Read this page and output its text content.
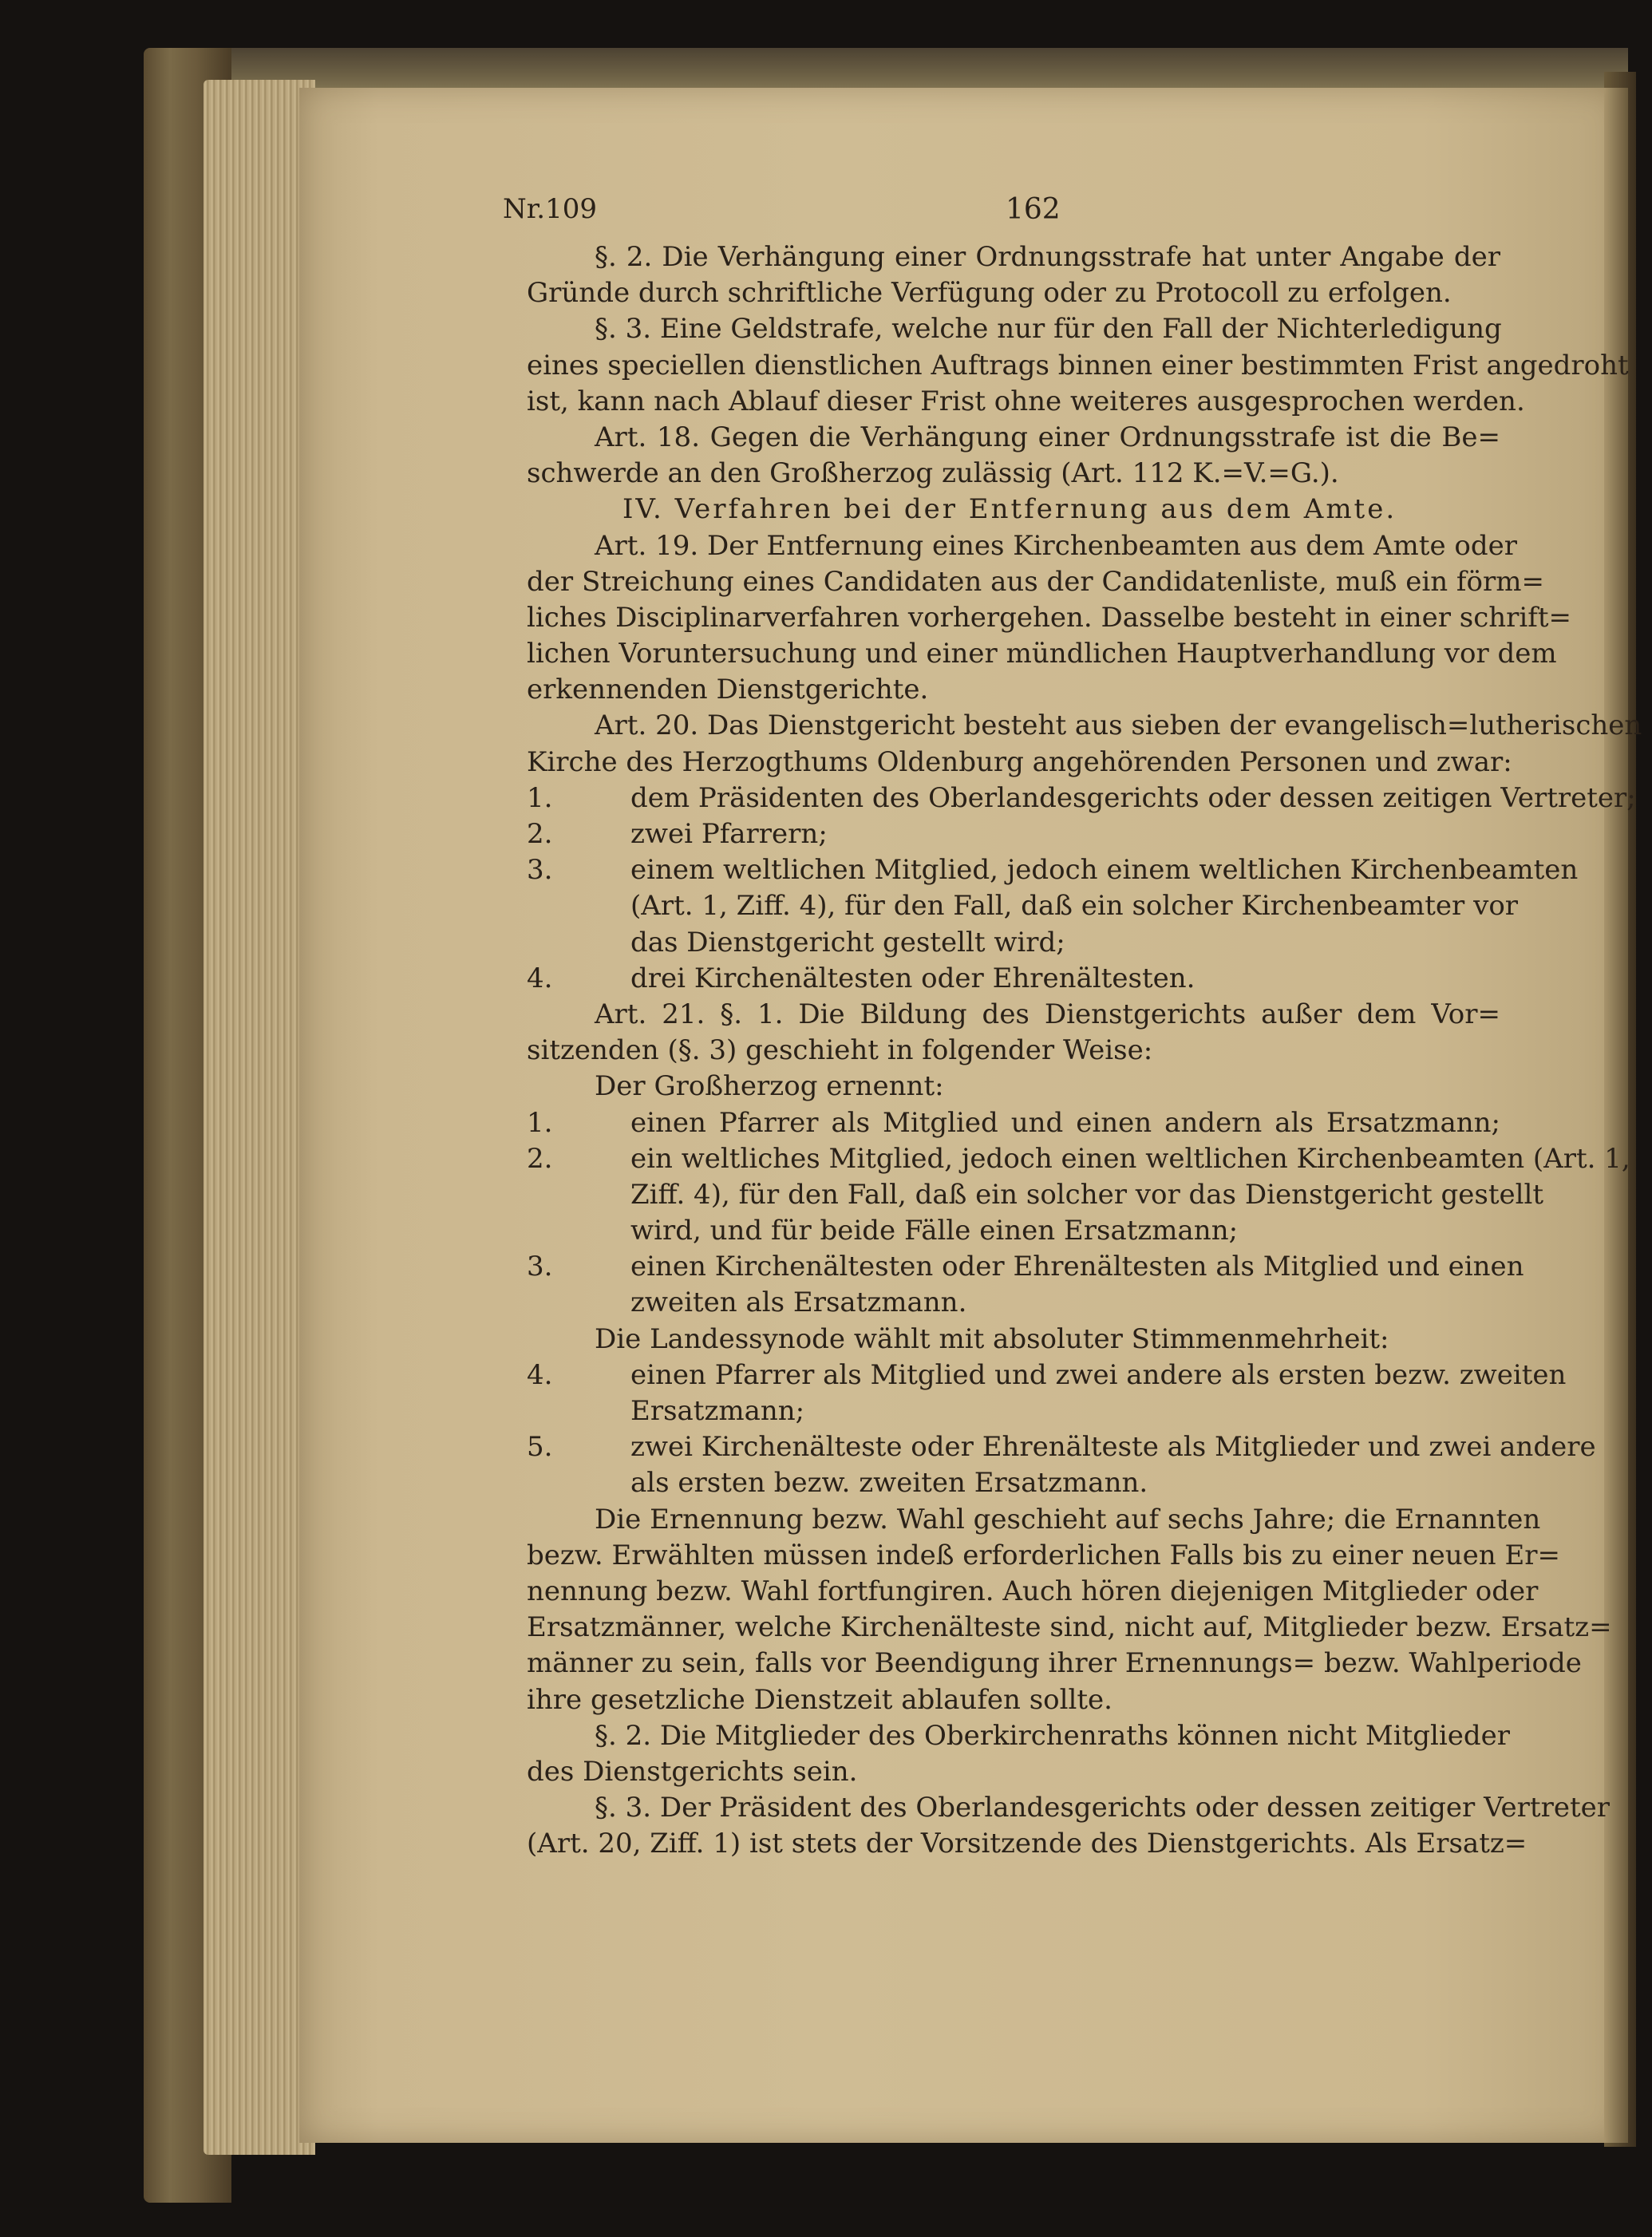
Nr.109	162
§. 2. Die Verhängung einer Ordnungsstrafe hat unter Angabe der
Gründe durch schriftliche Verfügung oder zu Protocoll zu erfolgen.
§. 3. Eine Geldstrafe, welche nur für den Fall der Nichterledigung
eines speciellen dienstlichen Auftrags binnen einer bestimmten Frist angedroht
ist, kann nach Ablauf dieser Frist ohne weiteres ausgesprochen werden.
Art. 18. Gegen die Verhängung einer Ordnungsstrafe ist die Be=
schwerde an den Großherzog zulässig (Art. 112 K.=V.=G.).
IV. Verfahren bei der Entfernung aus dem Amte.
Art. 19. Der Entfernung eines Kirchenbeamten aus dem Amte oder
der Streichung eines Candidaten aus der Candidatenliste, muß ein förm=
liches Disciplinarverfahren vorhergehen. Dasselbe besteht in einer schrift=
lichen Voruntersuchung und einer mündlichen Hauptverhandlung vor dem
erkennenden Dienstgerichte.
Art. 20. Das Dienstgericht besteht aus sieben der evangelisch=lutherischen
Kirche des Herzogthums Oldenburg angehörenden Personen und zwar:
1.	dem Präsidenten des Oberlandesgerichts oder dessen zeitigen Vertreter;
2.	zwei Pfarrern;
3.	einem weltlichen Mitglied, jedoch einem weltlichen Kirchenbeamten
(Art. 1, Ziff. 4), für den Fall, daß ein solcher Kirchenbeamter vor
das Dienstgericht gestellt wird;
4.	drei Kirchenältesten oder Ehrenältesten.
Art. 21. §. 1. Die Bildung des Dienstgerichts außer dem Vor=
sitzenden (§. 3) geschieht in folgender Weise:
Der Großherzog ernennt:
1.	einen Pfarrer als Mitglied und einen andern als Ersatzmann;
2.	ein weltliches Mitglied, jedoch einen weltlichen Kirchenbeamten (Art. 1,
Ziff. 4), für den Fall, daß ein solcher vor das Dienstgericht gestellt
wird, und für beide Fälle einen Ersatzmann;
3.	einen Kirchenältesten oder Ehrenältesten als Mitglied und einen
zweiten als Ersatzmann.
Die Landessynode wählt mit absoluter Stimmenmehrheit:
4.	einen Pfarrer als Mitglied und zwei andere als ersten bezw. zweiten
Ersatzmann;
5.	zwei Kirchenälteste oder Ehrenälteste als Mitglieder und zwei andere
als ersten bezw. zweiten Ersatzmann.
Die Ernennung bezw. Wahl geschieht auf sechs Jahre; die Ernannten
bezw. Erwählten müssen indeß erforderlichen Falls bis zu einer neuen Er=
nennung bezw. Wahl fortfungiren. Auch hören diejenigen Mitglieder oder
Ersatzmänner, welche Kirchenälteste sind, nicht auf, Mitglieder bezw. Ersatz=
männer zu sein, falls vor Beendigung ihrer Ernennungs= bezw. Wahlperiode
ihre gesetzliche Dienstzeit ablaufen sollte.
§. 2. Die Mitglieder des Oberkirchenraths können nicht Mitglieder
des Dienstgerichts sein.
§. 3. Der Präsident des Oberlandesgerichts oder dessen zeitiger Vertreter
(Art. 20, Ziff. 1) ist stets der Vorsitzende des Dienstgerichts. Als Ersatz=
